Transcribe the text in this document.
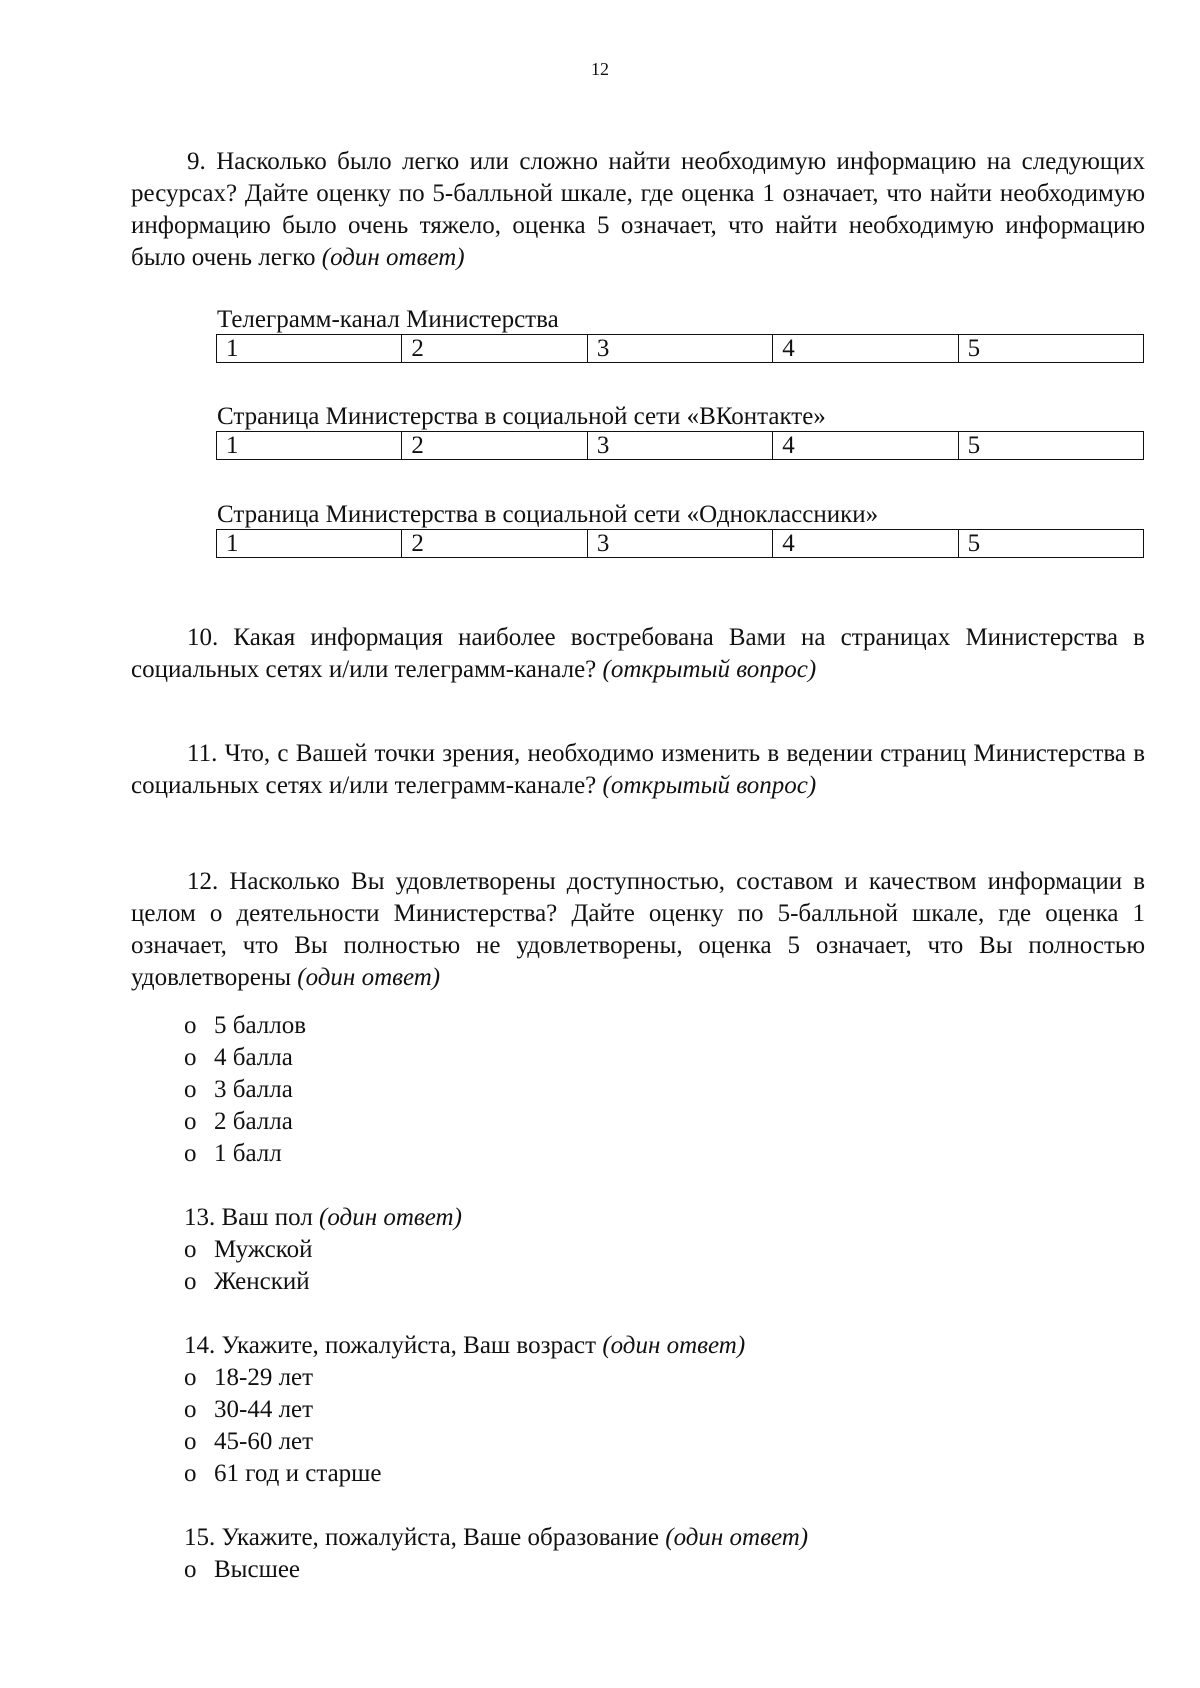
12

9. Насколько было легко или сложно найти необходимую информацию на следующих ресурсах? Дайте оценку по 5-балльной шкале, где оценка 1 означает, что найти необходимую информацию было очень тяжело, оценка 5 означает, что найти необходимую информацию было очень легко (один ответ)

Телеграмм-канал Министерства

1	2	3	4	5

Страница Министерства в социальной сети «ВКонтакте»

1	2	3	4	5

Страница Министерства в социальной сети «Одноклассники»

1	2	3	4	5

10. Какая информация наиболее востребована Вами на страницах Министерства в социальных сетях и/или телеграмм-канале? (открытый вопрос)

11. Что, с Вашей точки зрения, необходимо изменить в ведении страниц Министерства в социальных сетях и/или телеграмм-канале? (открытый вопрос)

12. Насколько Вы удовлетворены доступностью, составом и качеством информации в целом о деятельности Министерства? Дайте оценку по 5-балльной шкале, где оценка 1 означает, что Вы полностью не удовлетворены, оценка 5 означает, что Вы полностью удовлетворены (один ответ)

o 5 баллов
o 4 балла
o 3 балла
o 2 балла
o 1 балл

13. Ваш пол (один ответ)

o Мужской
o Женский

14. Укажите, пожалуйста, Ваш возраст (один ответ)

o 18-29 лет
o 30-44 лет
o 45-60 лет
o 61 год и старше

15. Укажите, пожалуйста, Ваше образование (один ответ)

o Высшее
